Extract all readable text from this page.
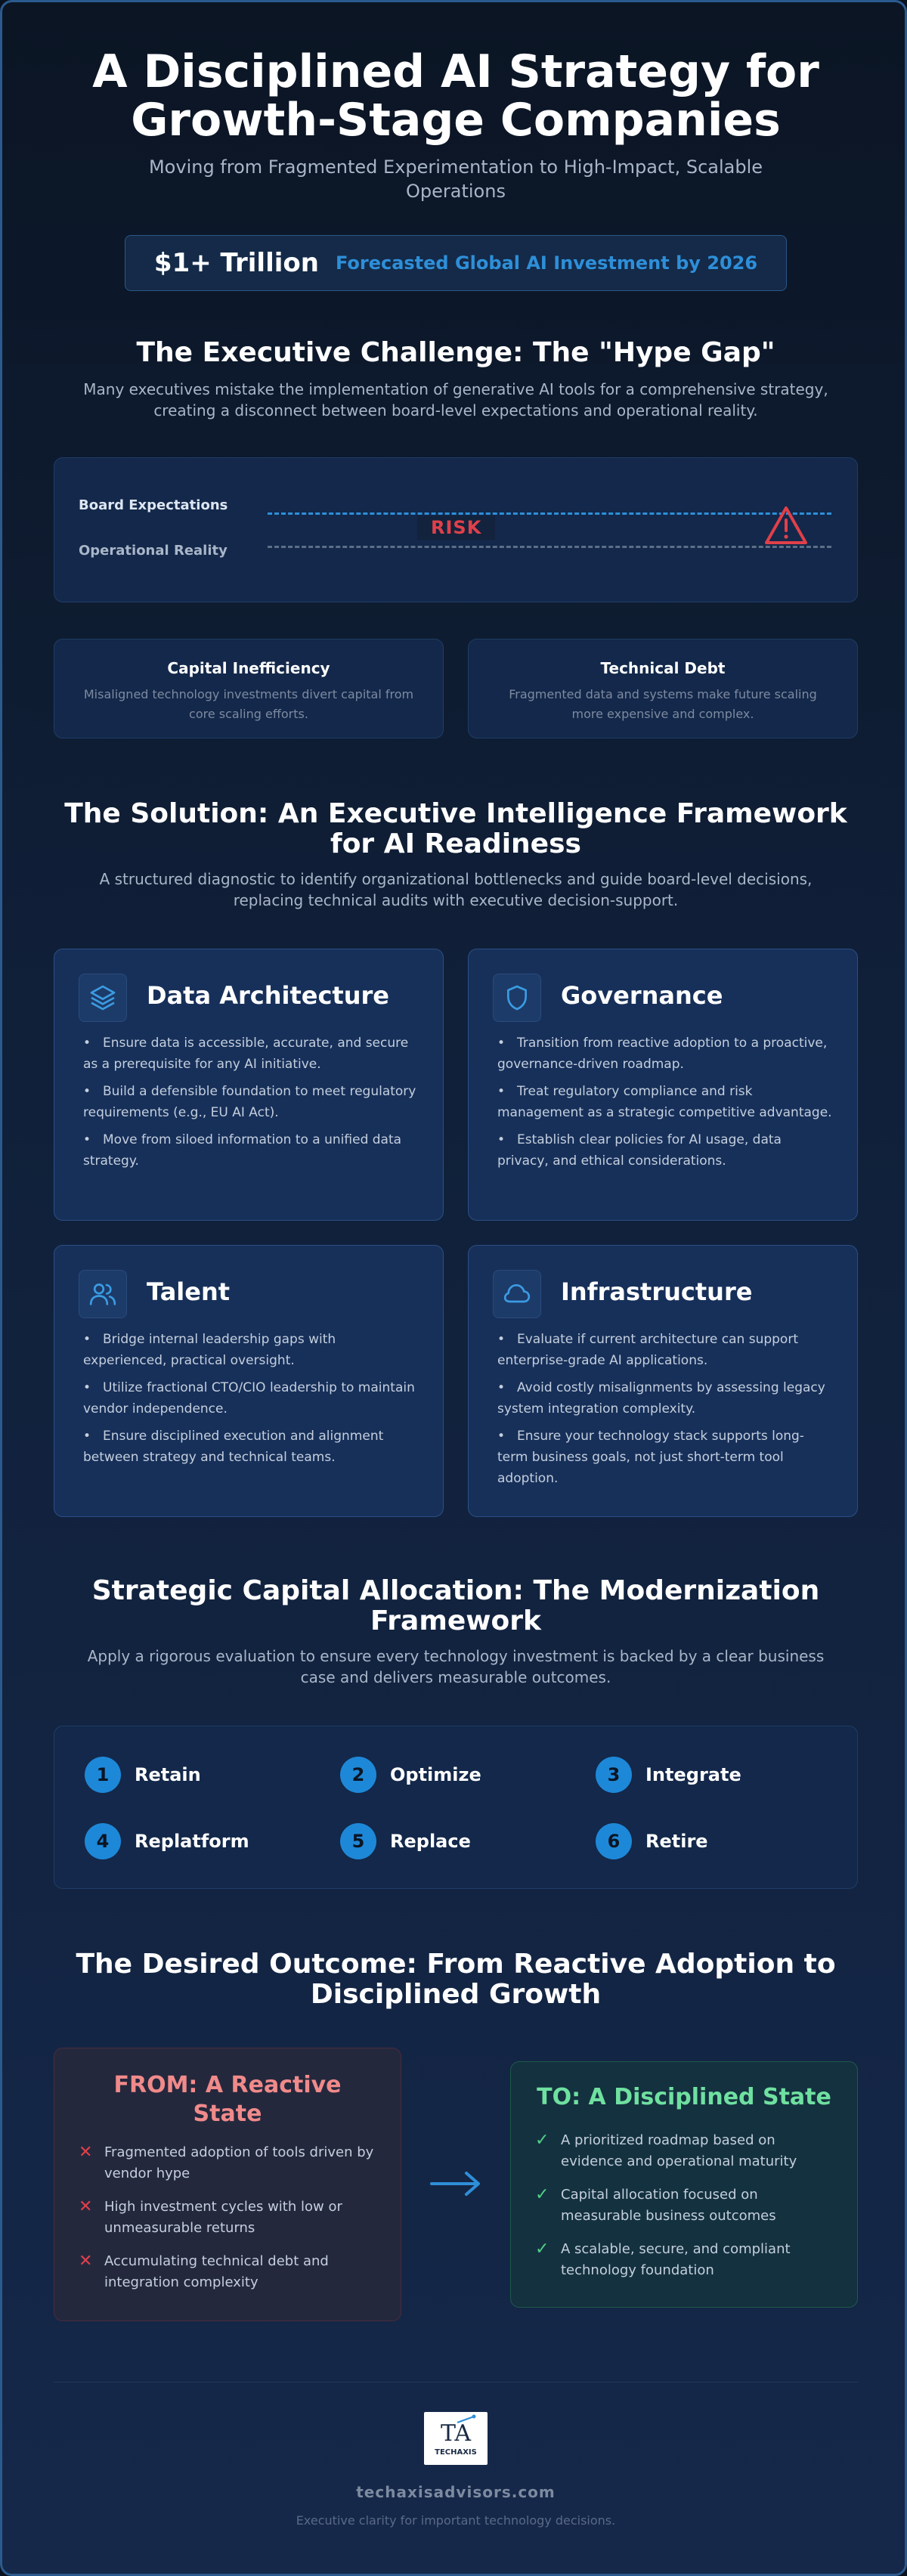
A Disciplined AI Strategy for
Growth-Stage Companies
Moving from Fragmented Experimentation to High-Impact, Scalable Operations
$1+ Trillion Forecasted Global AI Investment by 2026
The Executive Challenge: The "Hype Gap"
Many executives mistake the implementation of generative AI tools for a comprehensive strategy, creating a disconnect between board-level expectations and operational reality.
Board Expectations
Operational Reality
RISK
Capital Inefficiency
Misaligned technology investments divert capital from core scaling efforts.
Technical Debt
Fragmented data and systems make future scaling more expensive and complex.
The Solution: An Executive Intelligence Framework for AI Readiness
A structured diagnostic to identify organizational bottlenecks and guide board-level decisions, replacing technical audits with executive decision-support.
Data Architecture
• Ensure data is accessible, accurate, and secure as a prerequisite for any AI initiative.
• Build a defensible foundation to meet regulatory requirements (e.g., EU AI Act).
• Move from siloed information to a unified data strategy.
Governance
• Transition from reactive adoption to a proactive, governance-driven roadmap.
• Treat regulatory compliance and risk management as a strategic competitive advantage.
• Establish clear policies for AI usage, data privacy, and ethical considerations.
Talent
• Bridge internal leadership gaps with experienced, practical oversight.
• Utilize fractional CTO/CIO leadership to maintain vendor independence.
• Ensure disciplined execution and alignment between strategy and technical teams.
Infrastructure
• Evaluate if current architecture can support enterprise-grade AI applications.
• Avoid costly misalignments by assessing legacy system integration complexity.
• Ensure your technology stack supports long-term business goals, not just short-term tool adoption.
Strategic Capital Allocation: The Modernization Framework
Apply a rigorous evaluation to ensure every technology investment is backed by a clear business case and delivers measurable outcomes.
1	Retain	2	Optimize	3	Integrate
4	Replatform	5	Replace	6	Retire
The Desired Outcome: From Reactive Adoption to Disciplined Growth
FROM: A Reactive State
✕ Fragmented adoption of tools driven by vendor hype
✕ High investment cycles with low or unmeasurable returns
✕ Accumulating technical debt and integration complexity
TO: A Disciplined State
✓ A prioritized roadmap based on evidence and operational maturity
✓ Capital allocation focused on measurable business outcomes
✓ A scalable, secure, and compliant technology foundation
TA
TECHAXIS
techaxisadvisors.com
Executive clarity for important technology decisions.
